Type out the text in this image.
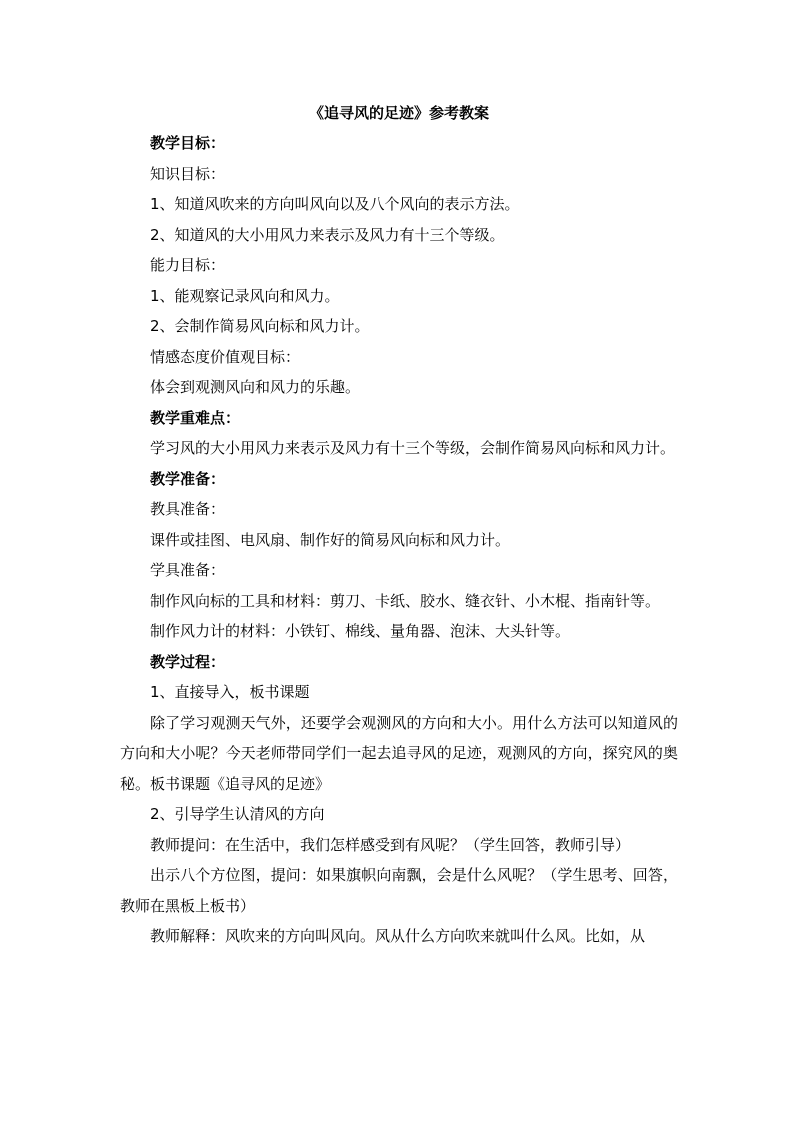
《追寻风的足迹》参考教案

教学目标：

知识目标：

1、知道风吹来的方向叫风向以及八个风向的表示方法。

2、知道风的大小用风力来表示及风力有十三个等级。

能力目标：

1、能观察记录风向和风力。

2、会制作简易风向标和风力计。

情感态度价值观目标：

体会到观测风向和风力的乐趣。

教学重难点：

学习风的大小用风力来表示及风力有十三个等级，会制作简易风向标和风力计。

教学准备：

教具准备：

课件或挂图、电风扇、制作好的简易风向标和风力计。

学具准备：

制作风向标的工具和材料：剪刀、卡纸、胶水、缝衣针、小木棍、指南针等。

制作风力计的材料：小铁钉、棉线、量角器、泡沫、大头针等。

教学过程：

1、直接导入，板书课题

除了学习观测天气外，还要学会观测风的方向和大小。用什么方法可以知道风的方向和大小呢？今天老师带同学们一起去追寻风的足迹，观测风的方向，探究风的奥秘。板书课题《追寻风的足迹》

2、引导学生认清风的方向

教师提问：在生活中，我们怎样感受到有风呢？（学生回答，教师引导）

出示八个方位图，提问：如果旗帜向南飘，会是什么风呢？（学生思考、回答，教师在黑板上板书）

教师解释：风吹来的方向叫风向。风从什么方向吹来就叫什么风。比如，从
